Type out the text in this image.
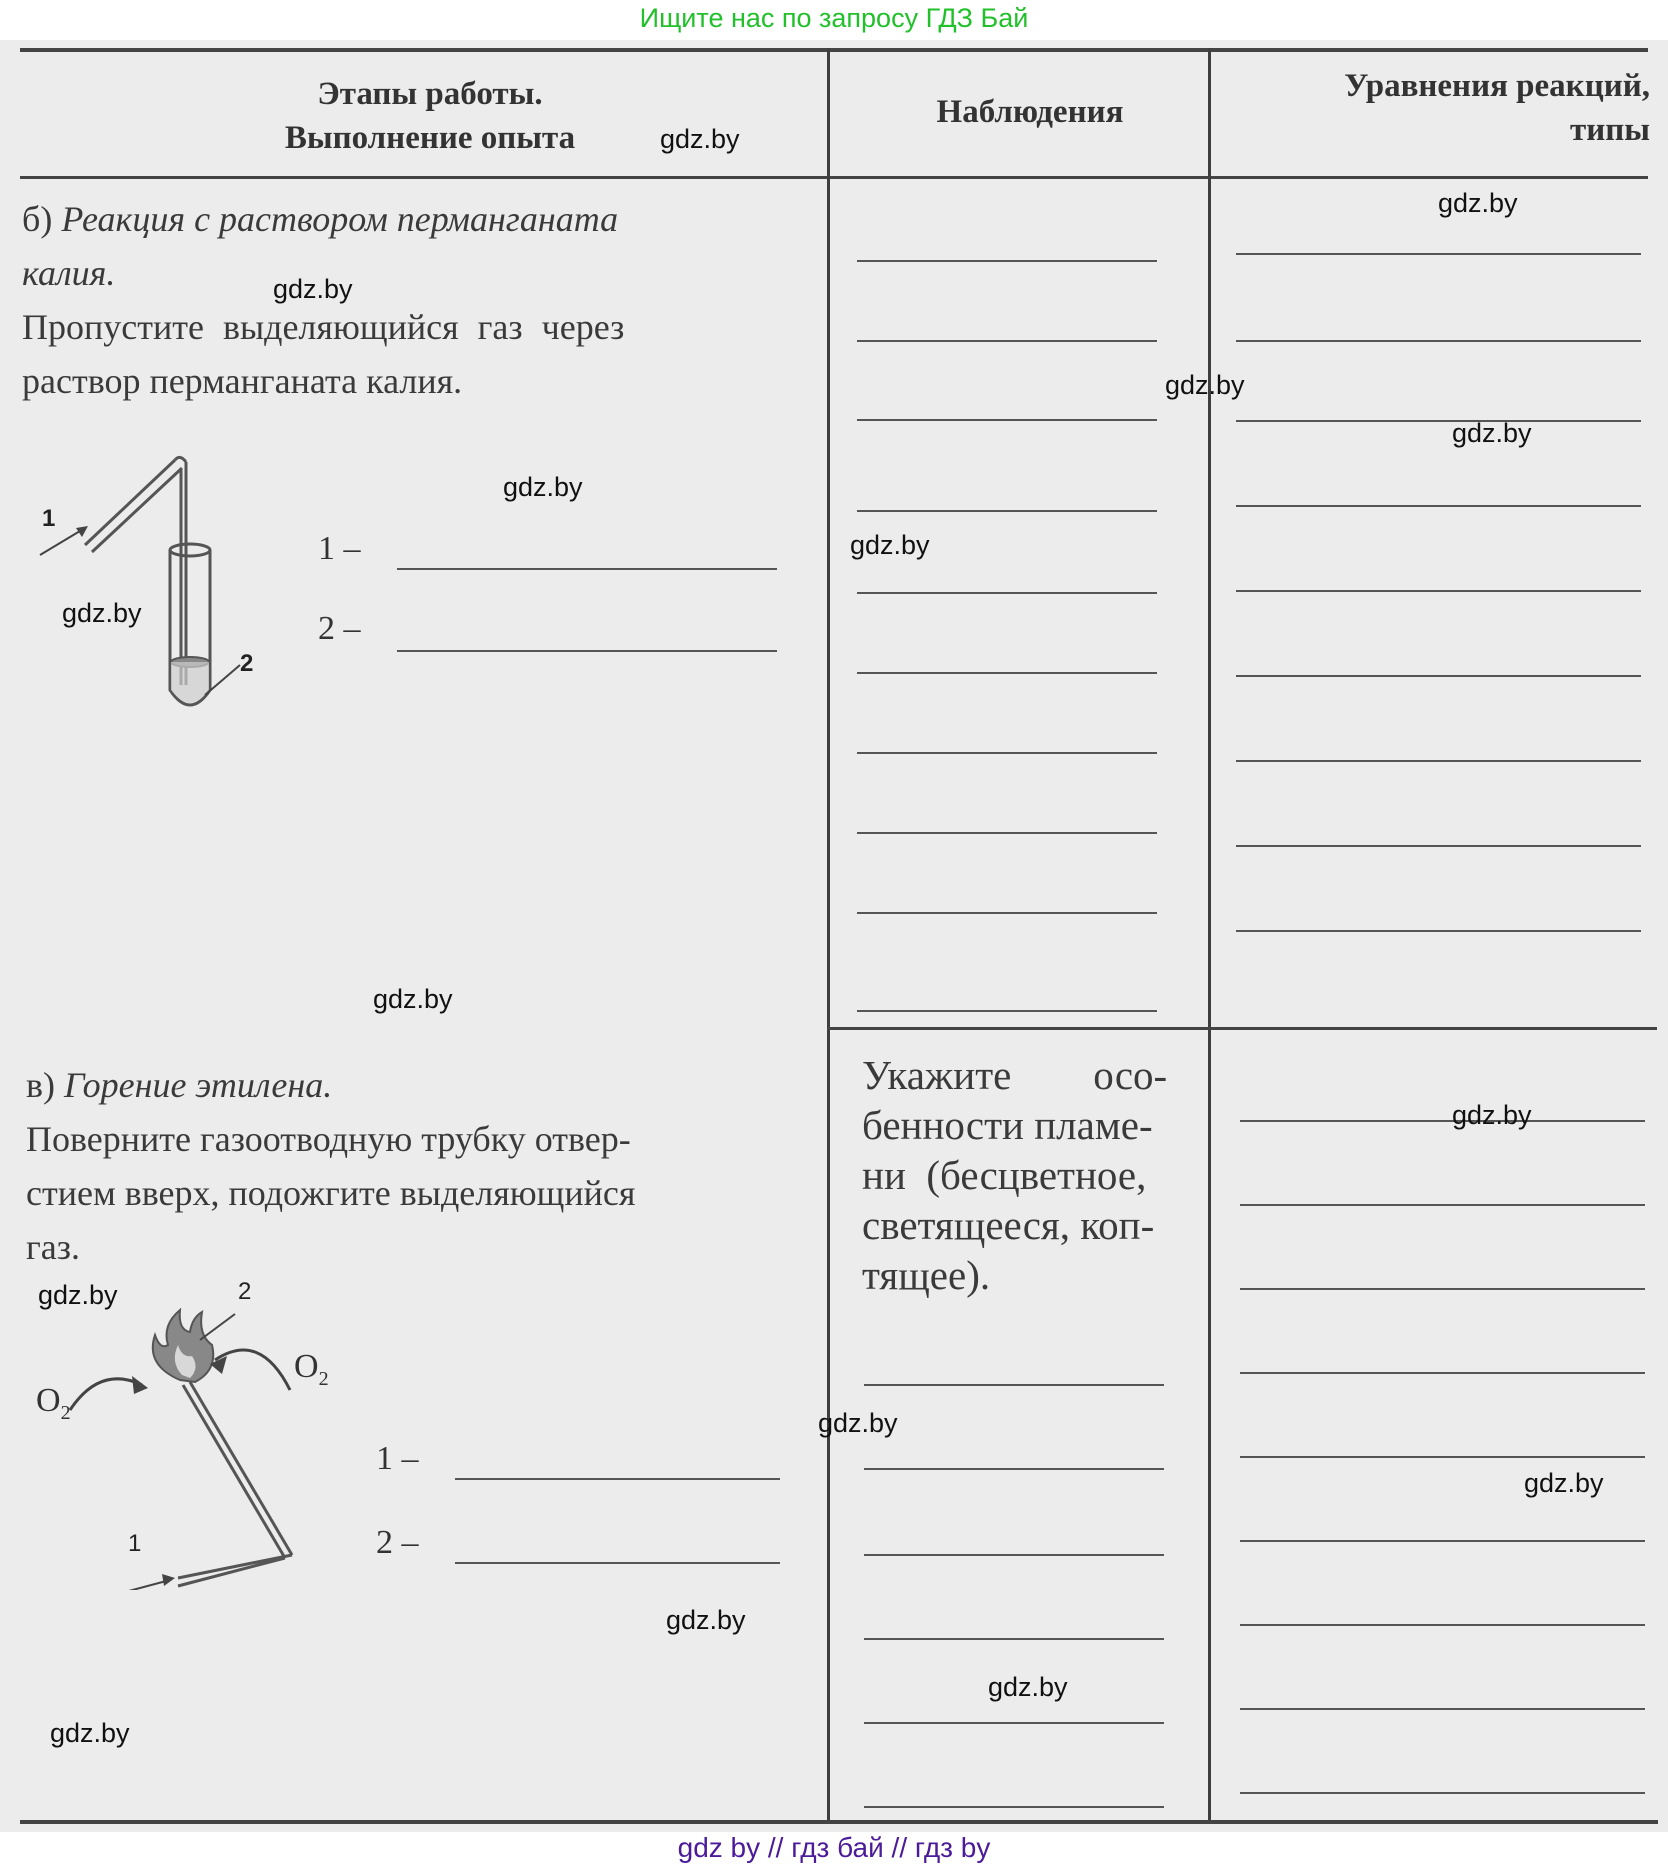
Ищите нас по запросу ГДЗ Бай
Этапы работы.
Выполнение опыта
Наблюдения
Уравнения реакций,
типы
б) Реакция с раствором перманганата
калия.
Пропустите выделяющийся газ через
раствор перманганата калия.
1
2
1 –
2 –
в) Горение этилена.
Поверните газоотводную трубку отвер-
стием вверх, подожгите выделяющийся
газ.
2
1
$O_2$
$O_2$
1 –
2 –
Укажите        осо-
бенности пламе-
ни  (бесцветное,
светящееся, коп-
тящее).
gdz.by
gdz.by
gdz.by
gdz.by
gdz.by
gdz.by
gdz.by
gdz.by
gdz.by
gdz.by
gdz.by
gdz.by
gdz.by
gdz.by
gdz.by
gdz.by
gdz by // гдз бай // гдз by
